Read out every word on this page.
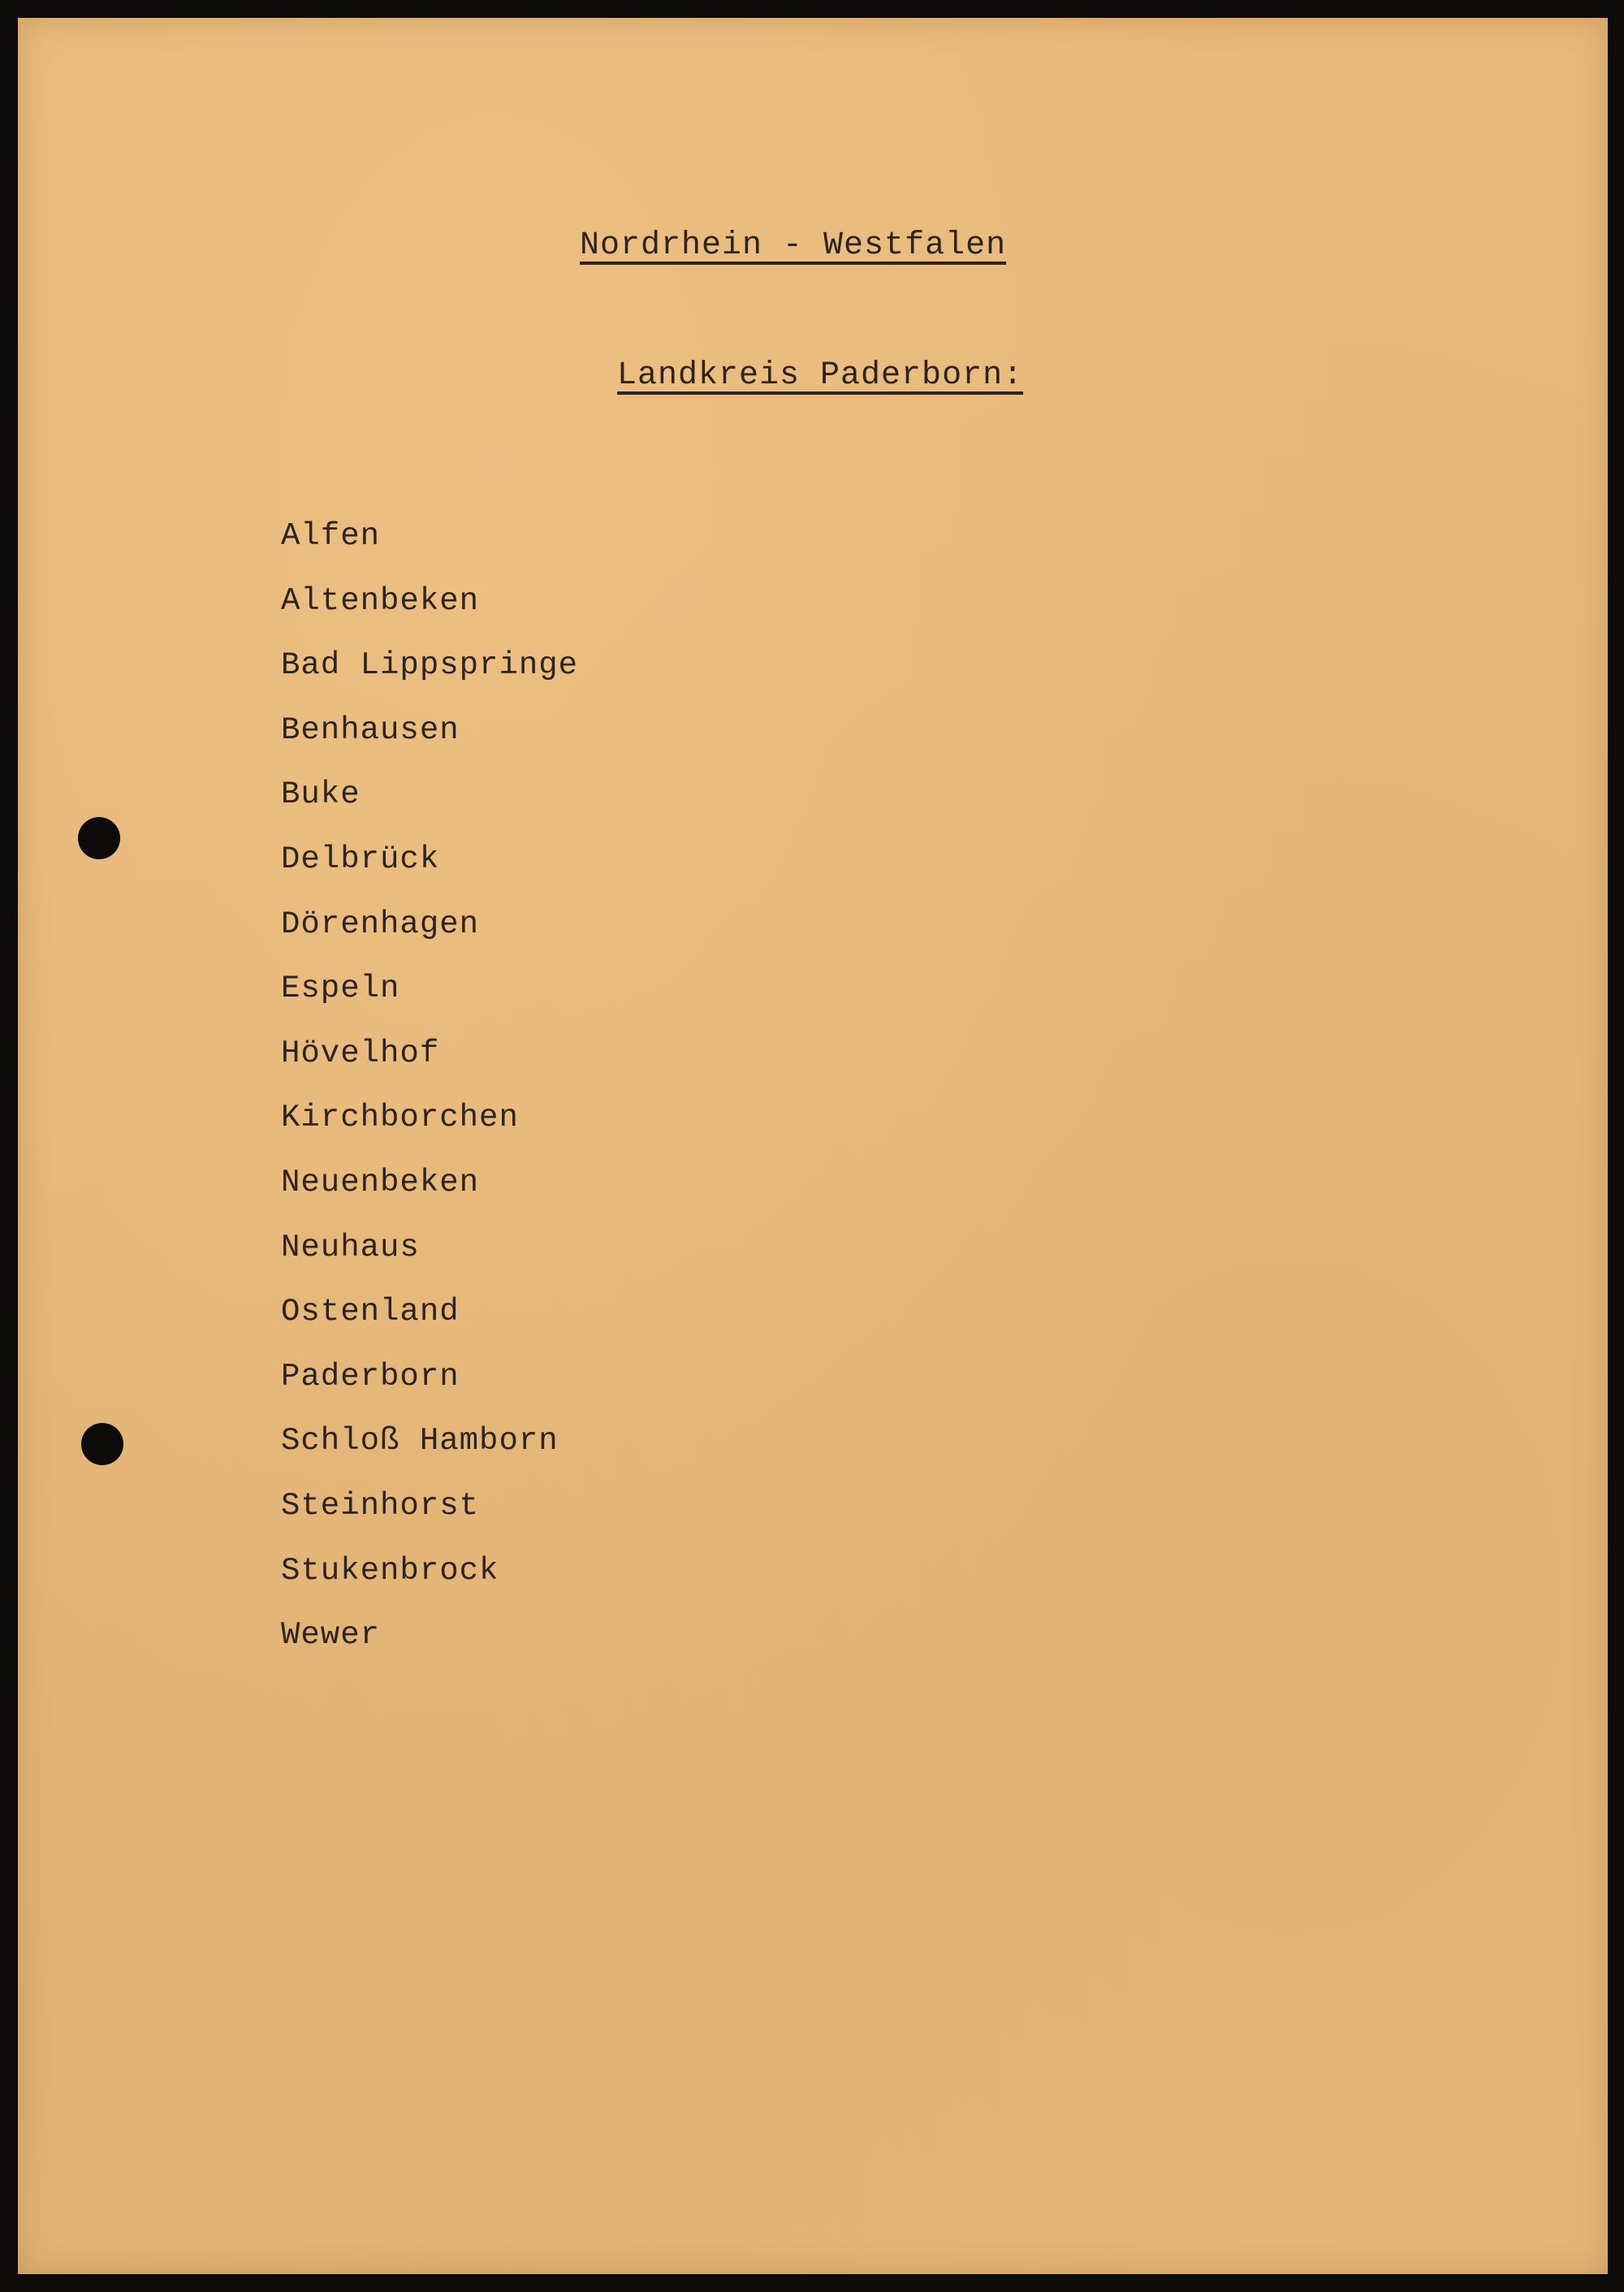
Nordrhein - Westfalen
Landkreis Paderborn:
Alfen
Altenbeken
Bad Lippspringe
Benhausen
Buke
Delbrück
Dörenhagen
Espeln
Hövelhof
Kirchborchen
Neuenbeken
Neuhaus
Ostenland
Paderborn
Schloß Hamborn
Steinhorst
Stukenbrock
Wewer
